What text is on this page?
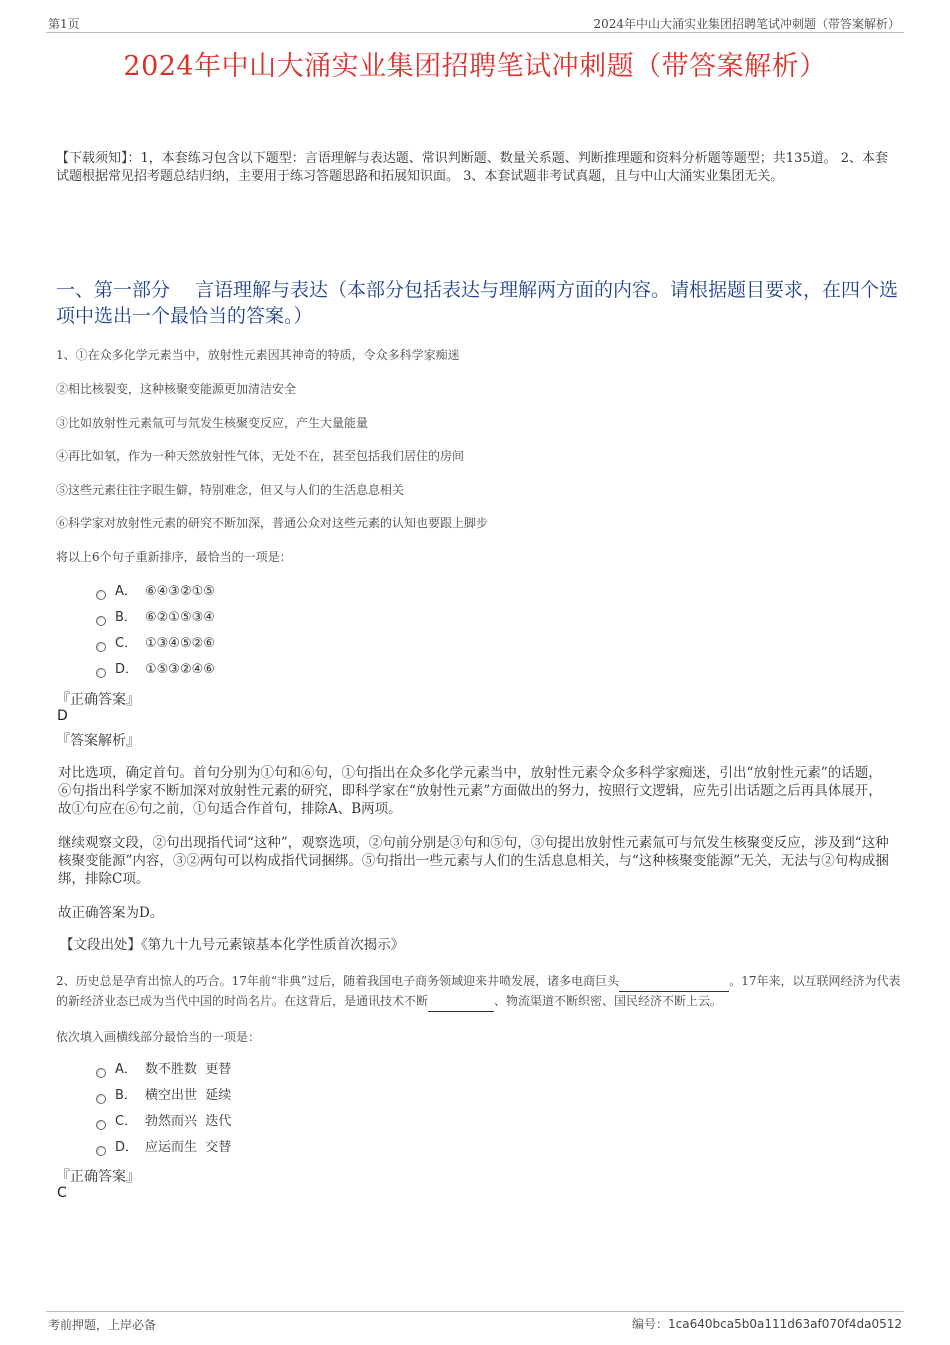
第1页	2024年中山大涌实业集团招聘笔试冲刺题（带答案解析）
2024年中山大涌实业集团招聘笔试冲刺题（带答案解析）
【下载须知】：1，本套练习包含以下题型：言语理解与表达题、常识判断题、数量关系题、判断推理题和资料分析题等题型；共135道。 2、本套试题根据常见招考题总结归纳，主要用于练习答题思路和拓展知识面。 3、本套试题非考试真题，且与中山大涌实业集团无关。
一、第一部分　 言语理解与表达（本部分包括表达与理解两方面的内容。请根据题目要求，在四个选项中选出一个最恰当的答案。）
1、①在众多化学元素当中，放射性元素因其神奇的特质，令众多科学家痴迷
②相比核裂变，这种核聚变能源更加清洁安全
③比如放射性元素氚可与氘发生核聚变反应，产生大量能量
④再比如氡，作为一种天然放射性气体，无处不在，甚至包括我们居住的房间
⑤这些元素往往字眼生僻，特别难念，但又与人们的生活息息相关
⑥科学家对放射性元素的研究不断加深，普通公众对这些元素的认知也要跟上脚步
将以上6个句子重新排序，最恰当的一项是：
A． ⑥④③②①⑤
B． ⑥②①⑤③④
C． ①③④⑤②⑥
D． ①⑤③②④⑥
『正确答案』
D
『答案解析』
对比选项，确定首句。首句分别为①句和⑥句，①句指出在众多化学元素当中，放射性元素令众多科学家痴迷，引出“放射性元素”的话题，⑥句指出科学家不断加深对放射性元素的研究，即科学家在“放射性元素”方面做出的努力，按照行文逻辑，应先引出话题之后再具体展开，故①句应在⑥句之前，①句适合作首句，排除A、B两项。
继续观察文段，②句出现指代词“这种”，观察选项，②句前分别是③句和⑤句，③句提出放射性元素氚可与氘发生核聚变反应，涉及到“这种核聚变能源”内容，③②两句可以构成指代词捆绑。⑤句指出一些元素与人们的生活息息相关，与“这种核聚变能源”无关，无法与②句构成捆绑，排除C项。
故正确答案为D。
【文段出处】《第九十九号元素锿基本化学性质首次揭示》
2、历史总是孕育出惊人的巧合。17年前“非典”过后，随着我国电子商务领域迎来井喷发展，诸多电商巨头	。17年来，以互联网经济为代表的新经济业态已成为当代中国的时尚名片。在这背后，是通讯技术不断	、物流渠道不断织密、国民经济不断上云。
依次填入画横线部分最恰当的一项是：
A． 数不胜数  更替
B． 横空出世  延续
C． 勃然而兴  迭代
D． 应运而生  交替
『正确答案』
C
考前押题，上岸必备	编号：1ca640bca5b0a111d63af070f4da0512
